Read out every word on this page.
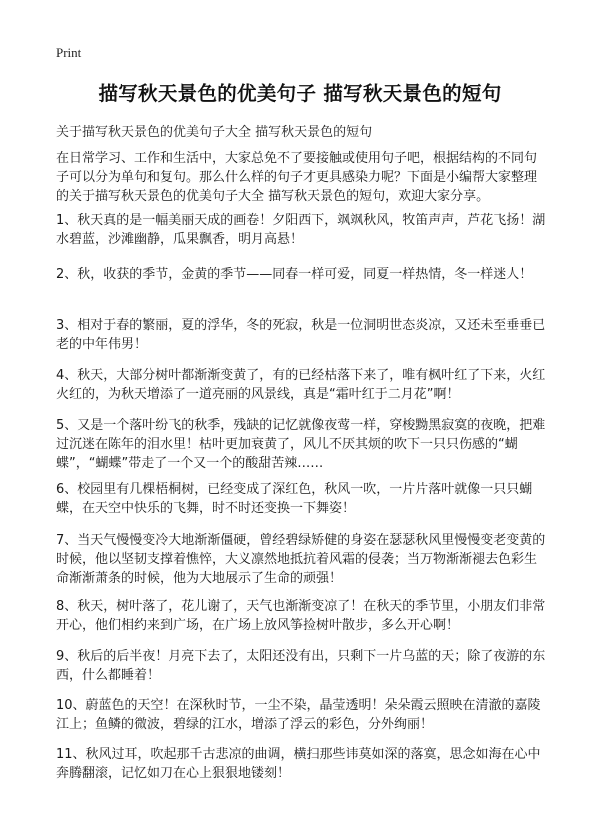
Print
描写秋天景色的优美句子 描写秋天景色的短句

关于描写秋天景色的优美句子大全 描写秋天景色的短句

在日常学习、工作和生活中，大家总免不了要接触或使用句子吧，根据结构的不同句子可以分为单句和复句。那么什么样的句子才更具感染力呢？下面是小编帮大家整理的关于描写秋天景色的优美句子大全 描写秋天景色的短句，欢迎大家分享。

1、秋天真的是一幅美丽天成的画卷！夕阳西下，飒飒秋风，牧笛声声，芦花飞扬！湖水碧蓝，沙滩幽静，瓜果飘香，明月高悬！

2、秋，收获的季节，金黄的季节——同春一样可爱，同夏一样热情，冬一样迷人！

3、相对于春的繁丽，夏的浮华，冬的死寂，秋是一位洞明世态炎凉，又还未至垂垂已老的中年伟男！

4、秋天，大部分树叶都渐渐变黄了，有的已经枯落下来了，唯有枫叶红了下来，火红火红的，为秋天增添了一道亮丽的风景线，真是“霜叶红于二月花”啊！

5、又是一个落叶纷飞的秋季，残缺的记忆就像夜莺一样，穿梭黝黑寂寞的夜晚，把难过沉迷在陈年的泪水里！枯叶更加衰黄了，风儿不厌其烦的吹下一只只伤感的“蝴蝶”，“蝴蝶”带走了一个又一个的酸甜苦辣……

6、校园里有几棵梧桐树，已经变成了深红色，秋风一吹，一片片落叶就像一只只蝴蝶，在天空中快乐的飞舞，时不时还变换一下舞姿！

7、当天气慢慢变冷大地渐渐僵硬，曾经碧绿矫健的身姿在瑟瑟秋风里慢慢变老变黄的时候，他以坚韧支撑着憔悴，大义凛然地抵抗着风霜的侵袭；当万物渐渐褪去色彩生命渐渐萧条的时候，他为大地展示了生命的顽强！

8、秋天，树叶落了，花儿谢了，天气也渐渐变凉了！在秋天的季节里，小朋友们非常开心，他们相约来到广场，在广场上放风筝捡树叶散步，多么开心啊！

9、秋后的后半夜！月亮下去了，太阳还没有出，只剩下一片乌蓝的天；除了夜游的东西，什么都睡着！

10、蔚蓝色的天空！在深秋时节，一尘不染，晶莹透明！朵朵霞云照映在清澈的嘉陵江上；鱼鳞的微波，碧绿的江水，增添了浮云的彩色，分外绚丽！

11、秋风过耳，吹起那千古悲凉的曲调，横扫那些讳莫如深的落寞，思念如海在心中奔腾翻滚，记忆如刀在心上狠狠地镂刻！
